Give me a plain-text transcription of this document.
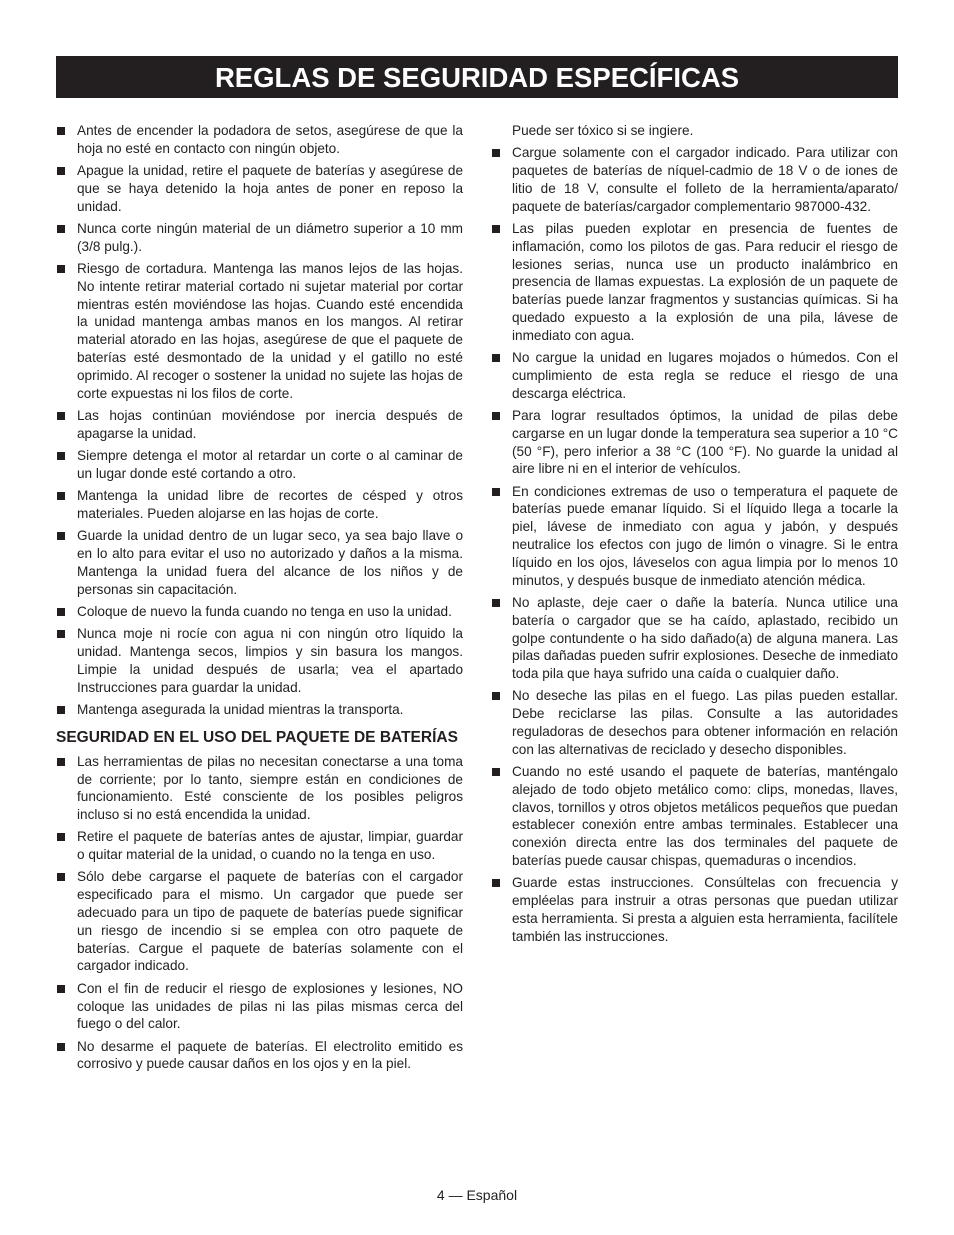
REGLAS DE SEGURIDAD ESPECÍFICAS
Antes de encender la podadora de setos, asegúrese de que la hoja no esté en contacto con ningún objeto.
Apague la unidad, retire el paquete de baterías y asegúrese de que se haya detenido la hoja antes de poner en reposo la unidad.
Nunca corte ningún material de un diámetro superior a 10 mm (3/8 pulg.).
Riesgo de cortadura. Mantenga las manos lejos de las hojas. No intente retirar material cortado ni sujetar material por cortar mientras estén moviéndose las hojas. Cuando esté encendida la unidad mantenga ambas manos en los mangos. Al retirar material atorado en las hojas, asegúrese de que el paquete de baterías esté desmontado de la unidad y el gatillo no esté oprimido. Al recoger o sostener la unidad no sujete las hojas de corte expuestas ni los filos de corte.
Las hojas continúan moviéndose por inercia después de apagarse la unidad.
Siempre detenga el motor al retardar un corte o al caminar de un lugar donde esté cortando a otro.
Mantenga la unidad libre de recortes de césped y otros materiales. Pueden alojarse en las hojas de corte.
Guarde la unidad dentro de un lugar seco, ya sea bajo llave o en lo alto para evitar el uso no autorizado y daños a la misma. Mantenga la unidad fuera del alcance de los niños y de personas sin capacitación.
Coloque de nuevo la funda cuando no tenga en uso la unidad.
Nunca moje ni rocíe con agua ni con ningún otro líquido la unidad. Mantenga secos, limpios y sin basura los mangos. Limpie la unidad después de usarla; vea el apartado Instrucciones para guardar la unidad.
Mantenga asegurada la unidad mientras la transporta.
SEGURIDAD EN EL USO DEL PAQUETE DE BATERÍAS
Las herramientas de pilas no necesitan conectarse a una toma de corriente; por lo tanto, siempre están en condiciones de funcionamiento. Esté consciente de los posibles peligros incluso si no está encendida la unidad.
Retire el paquete de baterías antes de ajustar, limpiar, guardar o quitar material de la unidad, o cuando no la tenga en uso.
Sólo debe cargarse el paquete de baterías con el cargador especificado para el mismo. Un cargador que puede ser adecuado para un tipo de paquete de baterías puede significar un riesgo de incendio si se emplea con otro paquete de baterías. Cargue el paquete de baterías solamente con el cargador indicado.
Con el fin de reducir el riesgo de explosiones y lesiones, NO coloque las unidades de pilas ni las pilas mismas cerca del fuego o del calor.
No desarme el paquete de baterías. El electrolito emitido es corrosivo y puede causar daños en los ojos y en la piel.

Puede ser tóxico si se ingiere.

Cargue solamente con el cargador indicado. Para utilizar con paquetes de baterías de níquel-cadmio de 18 V o de iones de litio de 18 V, consulte el folleto de la herramienta/aparato/ paquete de baterías/cargador complementario 987000-432.
Las pilas pueden explotar en presencia de fuentes de inflamación, como los pilotos de gas. Para reducir el riesgo de lesiones serias, nunca use un producto inalámbrico en presencia de llamas expuestas. La explosión de un paquete de baterías puede lanzar fragmentos y sustancias químicas. Si ha quedado expuesto a la explosión de una pila, lávese de inmediato con agua.
No cargue la unidad en lugares mojados o húmedos. Con el cumplimiento de esta regla se reduce el riesgo de una descarga eléctrica.
Para lograr resultados óptimos, la unidad de pilas debe cargarse en un lugar donde la temperatura sea superior a 10 °C (50 °F), pero inferior a 38 °C (100 °F). No guarde la unidad al aire libre ni en el interior de vehículos.
En condiciones extremas de uso o temperatura el paquete de baterías puede emanar líquido. Si el líquido llega a tocarle la piel, lávese de inmediato con agua y jabón, y después neutralice los efectos con jugo de limón o vinagre. Si le entra líquido en los ojos, láveselos con agua limpia por lo menos 10 minutos, y después busque de inmediato atención médica.
No aplaste, deje caer o dañe la batería. Nunca utilice una batería o cargador que se ha caído, aplastado, recibido un golpe contundente o ha sido dañado(a) de alguna manera. Las pilas dañadas pueden sufrir explosiones. Deseche de inmediato toda pila que haya sufrido una caída o cualquier daño.
No deseche las pilas en el fuego. Las pilas pueden estallar. Debe reciclarse las pilas. Consulte a las autoridades reguladoras de desechos para obtener información en relación con las alternativas de reciclado y desecho disponibles.
Cuando no esté usando el paquete de baterías, manténgalo alejado de todo objeto metálico como: clips, monedas, llaves, clavos, tornillos y otros objetos metálicos pequeños que puedan establecer conexión entre ambas terminales. Establecer una conexión directa entre las dos terminales del paquete de baterías puede causar chispas, quemaduras o incendios.
Guarde estas instrucciones. Consúltelas con frecuencia y empléelas para instruir a otras personas que puedan utilizar esta herramienta. Si presta a alguien esta herramienta, facilítele también las instrucciones.
4 — Español
